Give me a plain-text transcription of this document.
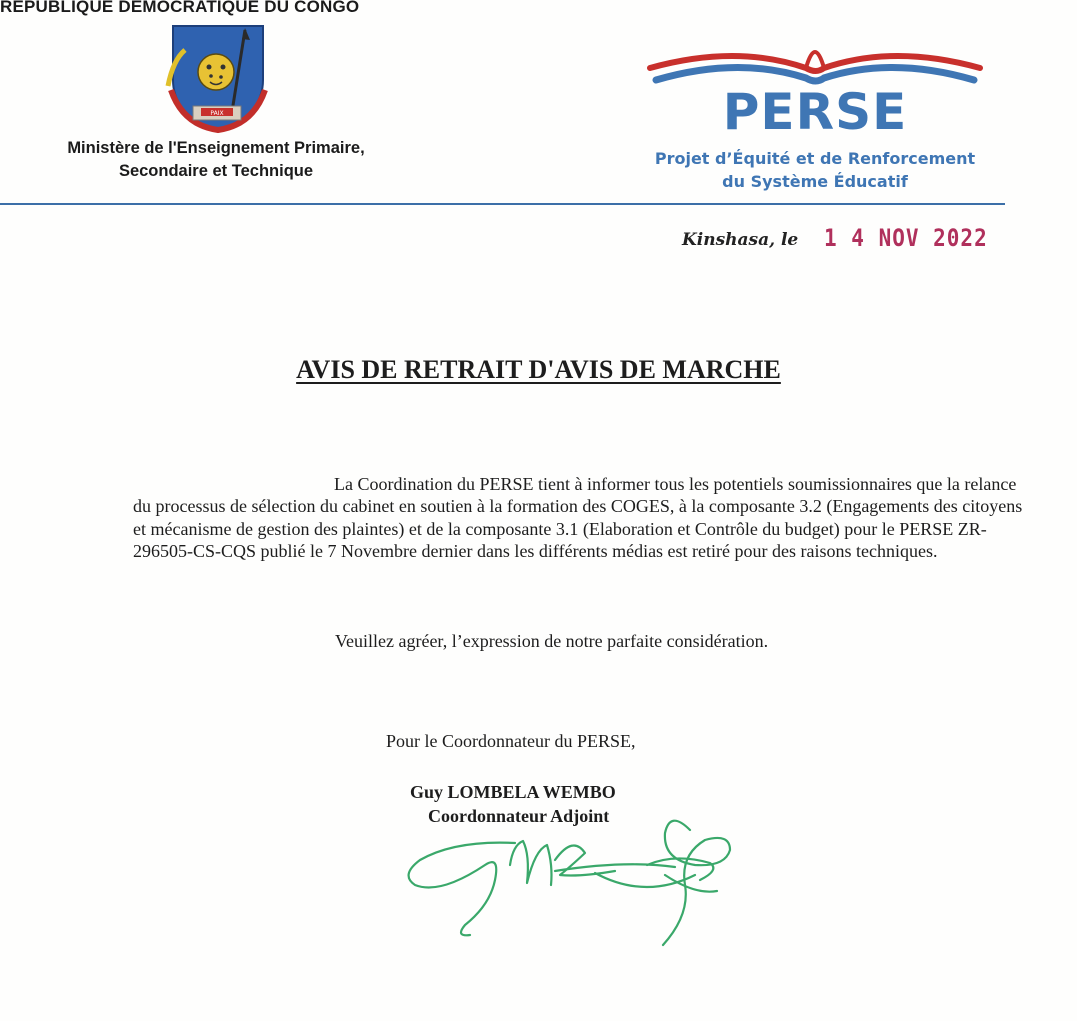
REPUBLIQUE DEMOCRATIQUE DU CONGO
PAIX
Ministère de l'Enseignement Primaire,
Secondaire et Technique
PERSE
Projet d’Équité et de Renforcement
du Système Éducatif
Kinshasa, le 1 4 NOV 2022
AVIS DE RETRAIT D'AVIS DE MARCHE

La Coordination du PERSE tient à informer tous les potentiels soumissionnaires que la relance du processus de sélection du cabinet en soutien à la formation des COGES, à la composante 3.2 (Engagements des citoyens et mécanisme de gestion des plaintes) et de la composante 3.1 (Elaboration et Contrôle du budget) pour le PERSE ZR-296505-CS-CQS publié le 7 Novembre dernier dans les différents médias est retiré pour des raisons techniques.

Veuillez agréer, l’expression de notre parfaite considération.
Pour le Coordonnateur du PERSE,
Guy LOMBELA WEMBO
Coordonnateur Adjoint
